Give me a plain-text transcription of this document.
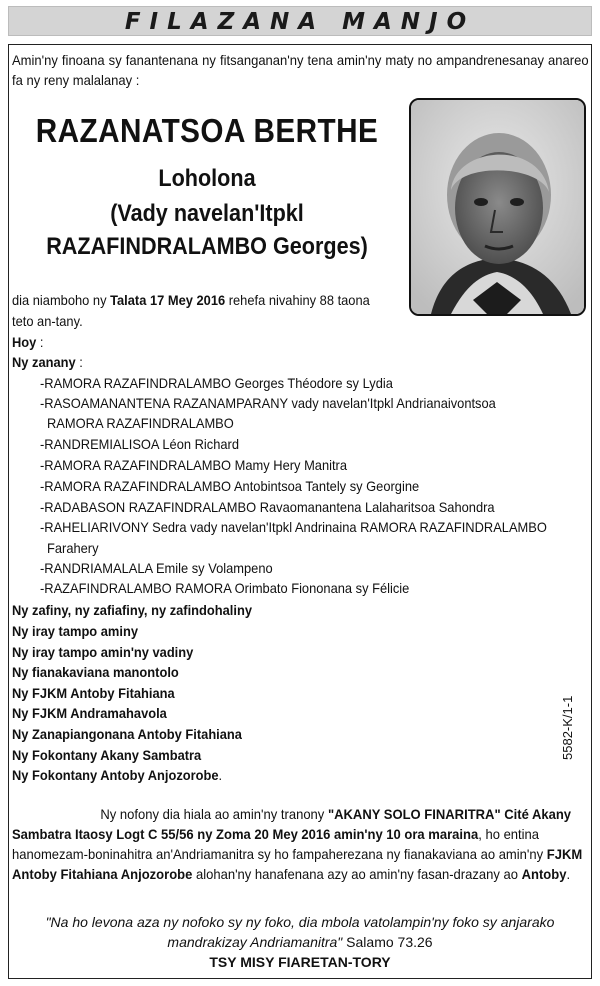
FILAZANA MANJO
Amin'ny finoana sy fanantenana ny fitsanganan'ny tena amin'ny maty no ampandrenesanay anareo fa ny reny malalanay :
RAZANATSOA BERTHE
Loholona
(Vady navelan'Itpkl
RAZAFINDRALAMBO Georges)
dia niamboho ny Talata 17 Mey 2016 rehefa nivahiny 88 taona
teto an-tany.
Hoy :
Ny zanany :
-RAMORA RAZAFINDRALAMBO Georges Théodore sy Lydia
-RASOAMANANTENA RAZANAMPARANY vady navelan'Itpkl Andrianaivontsoa
RAMORA RAZAFINDRALAMBO
-RANDREMIALISOA Léon Richard
-RAMORA RAZAFINDRALAMBO Mamy Hery Manitra
-RAMORA RAZAFINDRALAMBO Antobintsoa Tantely sy Georgine
-RADABASON RAZAFINDRALAMBO Ravaomanantena Lalaharitsoa Sahondra
-RAHELIARIVONY Sedra vady navelan'Itpkl Andrinaina RAMORA RAZAFINDRALAMBO
Farahery
-RANDRIAMALALA Emile sy Volampeno
-RAZAFINDRALAMBO RAMORA Orimbato Fiononana sy Félicie
Ny zafiny, ny zafiafiny, ny zafindohaliny
Ny iray tampo aminy
Ny iray tampo amin'ny vadiny
Ny fianakaviana manontolo
Ny FJKM Antoby Fitahiana
Ny FJKM Andramahavola
Ny Zanapiangonana Antoby Fitahiana
Ny Fokontany Akany Sambatra
Ny Fokontany Antoby Anjozorobe.
5582-K/1-1
Ny nofony dia hiala ao amin'ny tranony "AKANY SOLO FINARITRA" Cité Akany Sambatra Itaosy Logt C 55/56 ny Zoma 20 Mey 2016 amin'ny 10 ora maraina, ho entina hanomezam-boninahitra an'Andriamanitra sy ho fampaherezana ny fianakaviana ao amin'ny FJKM Antoby Fitahiana Anjozorobe alohan'ny hanafenana azy ao amin'ny fasan-drazany ao Antoby.
"Na ho levona aza ny nofoko sy ny foko, dia mbola vatolampin'ny foko sy anjarako
mandrakizay Andriamanitra" Salamo 73.26
TSY MISY FIARETAN-TORY
